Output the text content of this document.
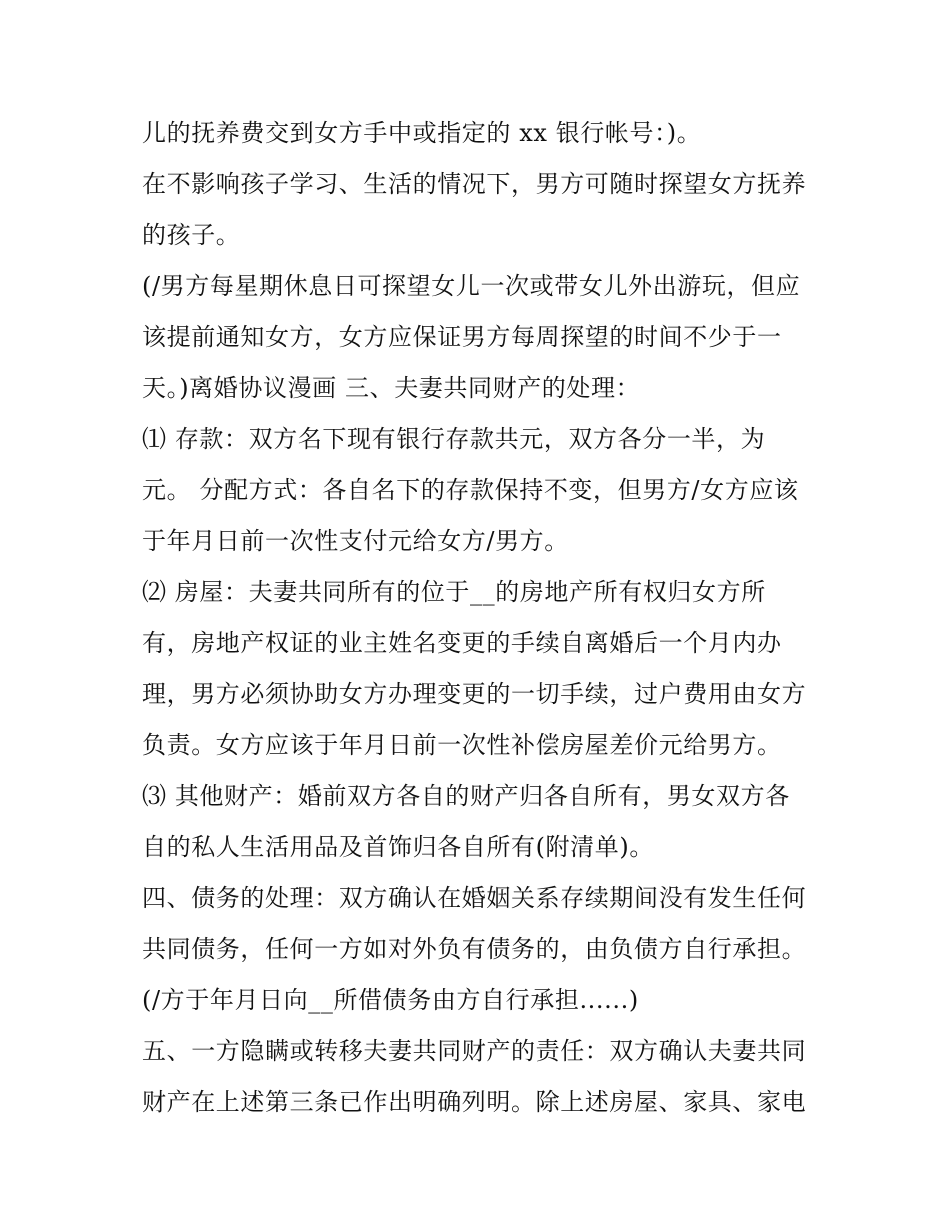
儿的抚养费交到女方手中或指定的 xx 银行帐号：)。
在不影响孩子学习、生活的情况下，男方可随时探望女方抚养
的孩子。
(/男方每星期休息日可探望女儿一次或带女儿外出游玩，但应
该提前通知女方，女方应保证男方每周探望的时间不少于一
天。)离婚协议漫画 三、夫妻共同财产的处理：
⑴ 存款：双方名下现有银行存款共元，双方各分一半，为
元。 分配方式：各自名下的存款保持不变，但男方/女方应该
于年月日前一次性支付元给女方/男方。
⑵ 房屋：夫妻共同所有的位于__的房地产所有权归女方所
有，房地产权证的业主姓名变更的手续自离婚后一个月内办
理，男方必须协助女方办理变更的一切手续，过户费用由女方
负责。女方应该于年月日前一次性补偿房屋差价元给男方。
⑶ 其他财产：婚前双方各自的财产归各自所有，男女双方各
自的私人生活用品及首饰归各自所有(附清单)。
四、债务的处理：双方确认在婚姻关系存续期间没有发生任何
共同债务，任何一方如对外负有债务的，由负债方自行承担。
(/方于年月日向__所借债务由方自行承担......)
五、一方隐瞒或转移夫妻共同财产的责任：双方确认夫妻共同
财产在上述第三条已作出明确列明。除上述房屋、家具、家电
